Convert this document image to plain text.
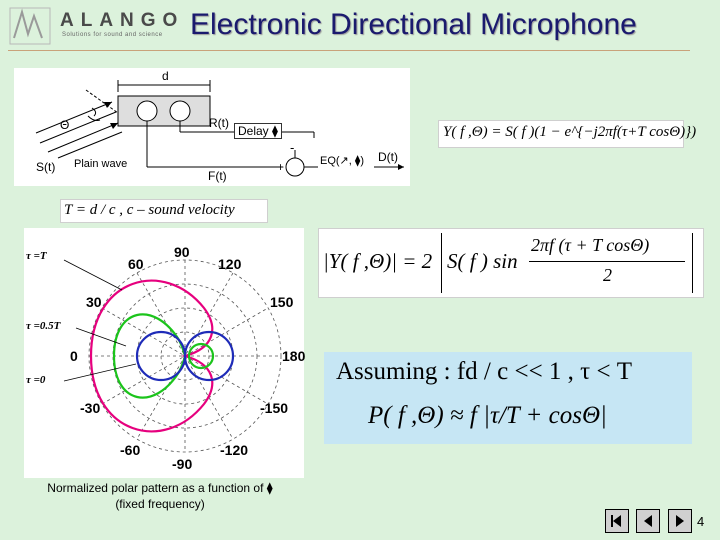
ALANGO
Solutions for sound and science Electronic Directional Microphone
d
Θ	R(t)
S(t) Plain wave
F(t)
D(t)
-
+
Delay ⧫
EQ(↗, ⧫)
Y( f ,Θ) = S( f )(1 − e^{−j2πf(τ+T cosΘ)})
T = d / c , c – sound velocity
|Y( f ,Θ)| = 2 S( f ) sin
2πf (τ + T cosΘ)
2
Assuming : fd / c << 1 , τ < T
P( f ,Θ) ≈ f |τ/T + cosΘ|
90
60	120
30	150
0	180
-30	-150
-60	-120
-90
τ =T
τ =0.5T
τ =0
Normalized polar pattern as a function of ⧫
(fixed frequency)

4
